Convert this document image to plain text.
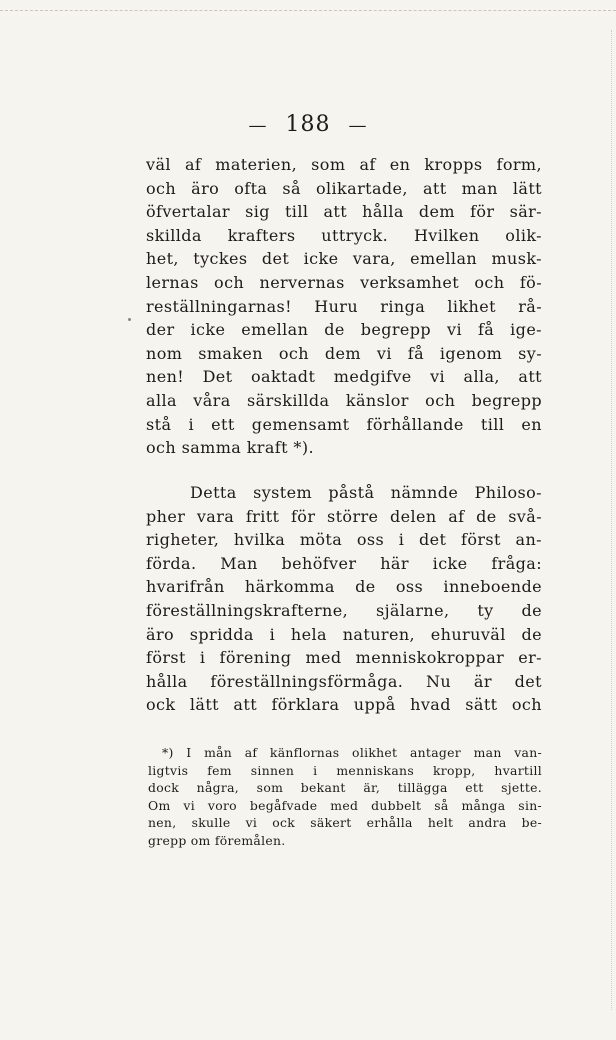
— 188 —
väl af materien, som af en kropps form,
och äro ofta så olikartade, att man lätt
öfvertalar sig till att hålla dem för sär-
skillda krafters uttryck. Hvilken olik-
het, tyckes det icke vara, emellan musk-
lernas och nervernas verksamhet och fö-
reställningarnas! Huru ringa likhet rå-
der icke emellan de begrepp vi få ige-
nom smaken och dem vi få igenom sy-
nen! Det oaktadt medgifve vi alla, att
alla våra särskillda känslor och begrepp
stå i ett gemensamt förhållande till en
och samma kraft *).
Detta system påstå nämnde Philoso-
pher vara fritt för större delen af de svå-
righeter, hvilka möta oss i det först an-
förda. Man behöfver här icke fråga:
hvarifrån härkomma de oss inneboende
föreställningskrafterne, själarne, ty de
äro spridda i hela naturen, ehuruväl de
först i förening med menniskokroppar er-
hålla föreställningsförmåga. Nu är det
ock lätt att förklara uppå hvad sätt och
*) I mån af känflornas olikhet antager man van-
ligtvis fem sinnen i menniskans kropp, hvartill
dock några, som bekant är, tillägga ett sjette.
Om vi voro begåfvade med dubbelt så många sin-
nen, skulle vi ock säkert erhålla helt andra be-
grepp om föremålen.
